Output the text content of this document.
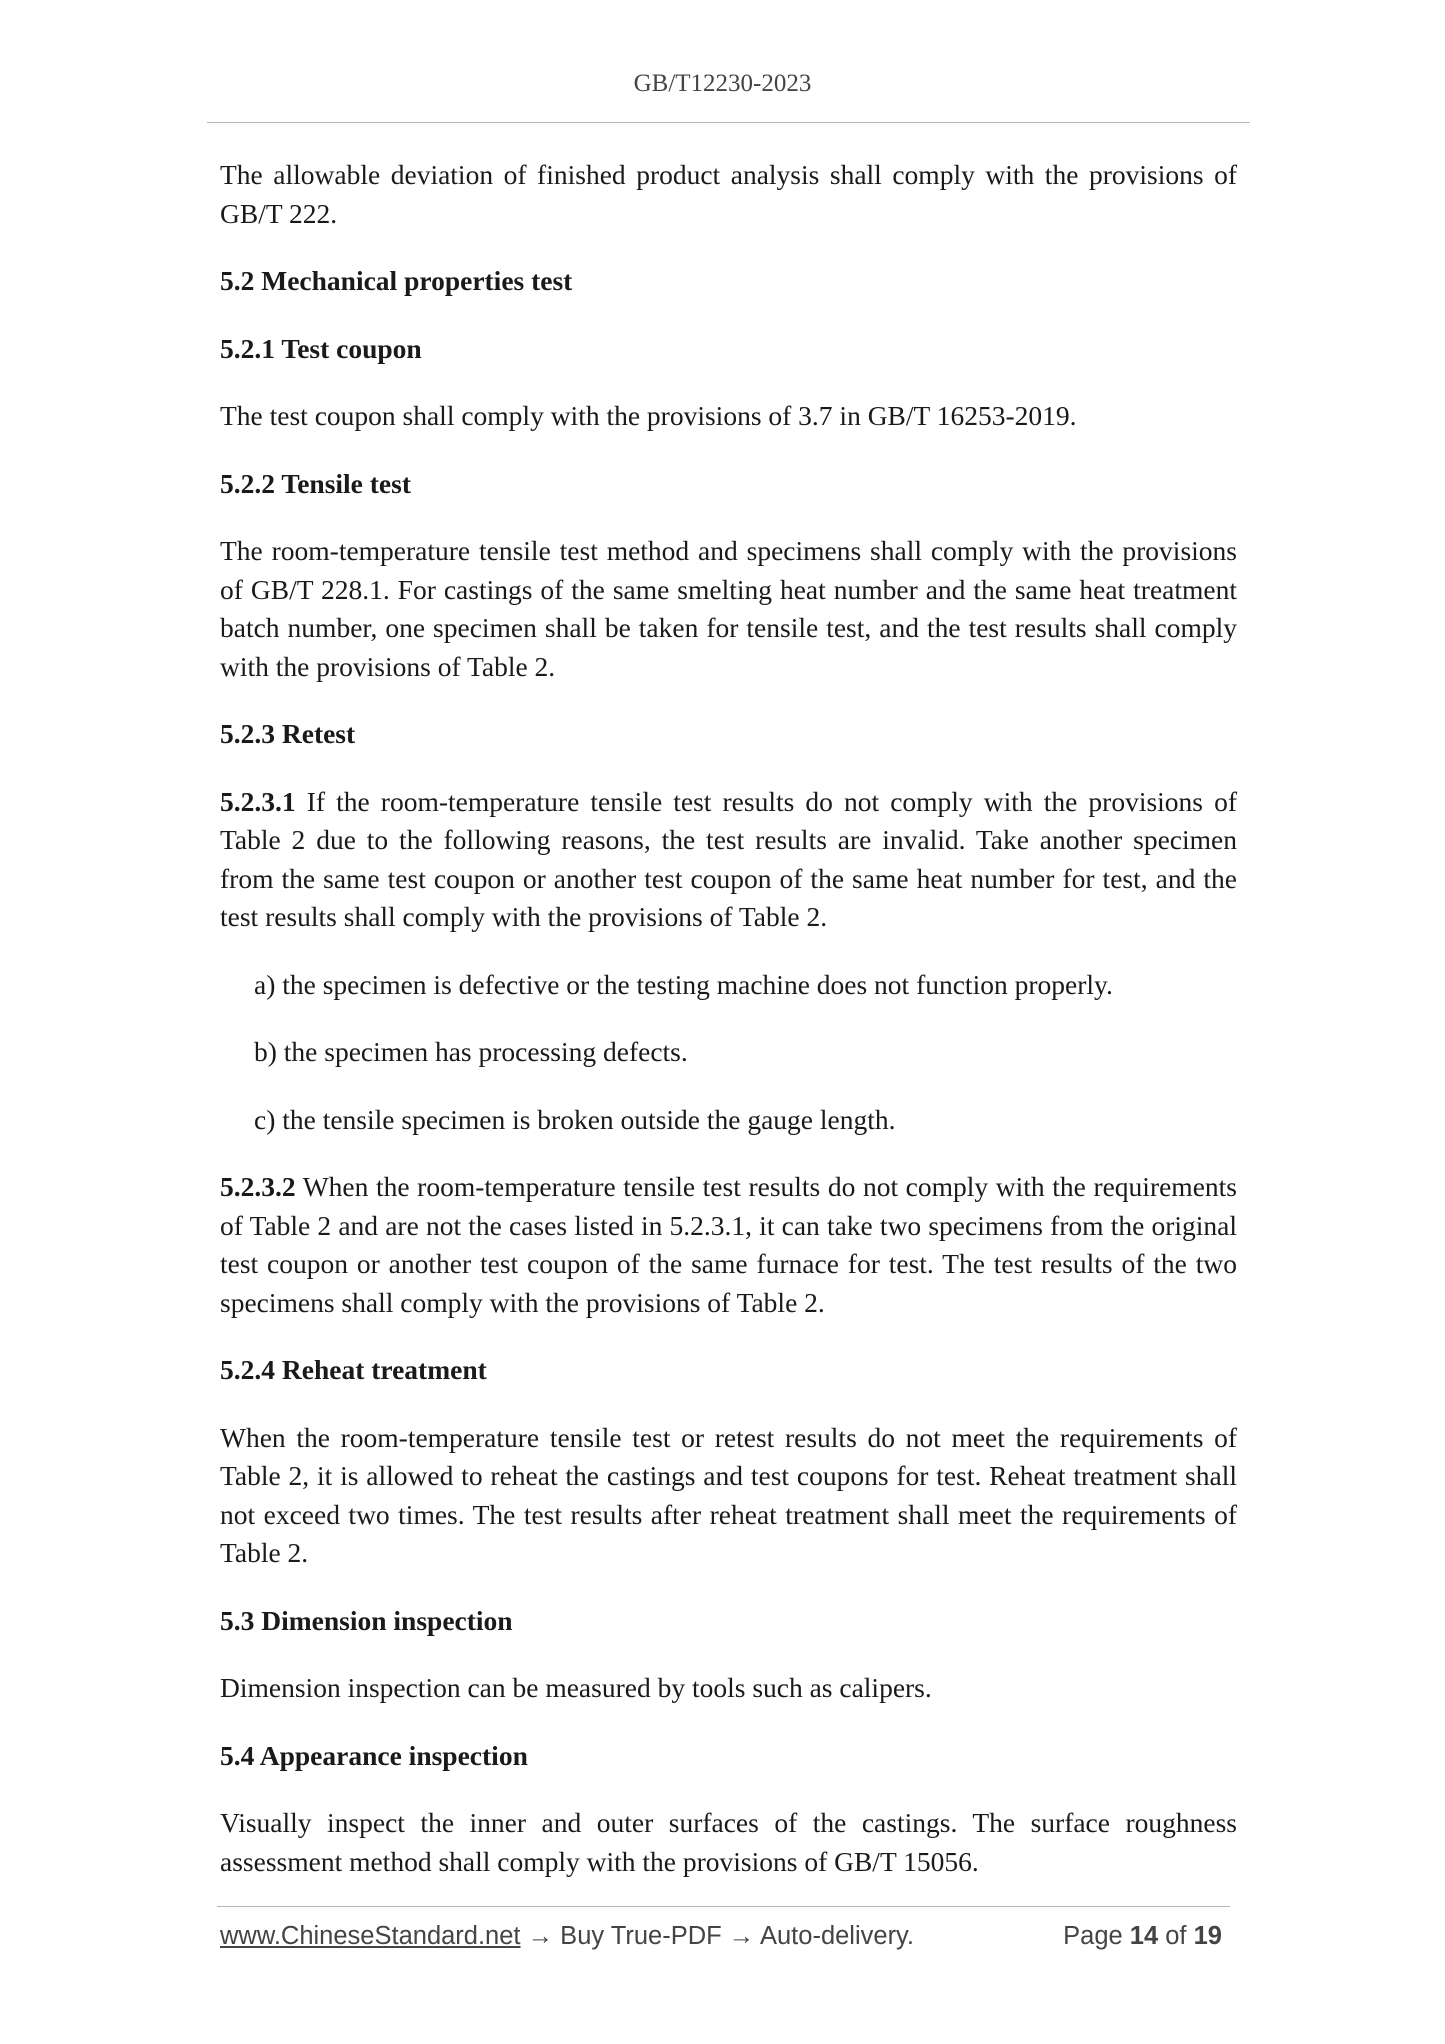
GB/T12230-2023

The allowable deviation of finished product analysis shall comply with the provisions of GB/T 222.

5.2 Mechanical properties test
5.2.1 Test coupon

The test coupon shall comply with the provisions of 3.7 in GB/T 16253-2019.

5.2.2 Tensile test

The room-temperature tensile test method and specimens shall comply with the provisions of GB/T 228.1. For castings of the same smelting heat number and the same heat treatment batch number, one specimen shall be taken for tensile test, and the test results shall comply with the provisions of Table 2.

5.2.3 Retest

5.2.3.1 If the room-temperature tensile test results do not comply with the provisions of Table 2 due to the following reasons, the test results are invalid. Take another specimen from the same test coupon or another test coupon of the same heat number for test, and the test results shall comply with the provisions of Table 2.

a) the specimen is defective or the testing machine does not function properly.

b) the specimen has processing defects.

c) the tensile specimen is broken outside the gauge length.

5.2.3.2 When the room-temperature tensile test results do not comply with the requirements of Table 2 and are not the cases listed in 5.2.3.1, it can take two specimens from the original test coupon or another test coupon of the same furnace for test. The test results of the two specimens shall comply with the provisions of Table 2.

5.2.4 Reheat treatment

When the room-temperature tensile test or retest results do not meet the requirements of Table 2, it is allowed to reheat the castings and test coupons for test. Reheat treatment shall not exceed two times. The test results after reheat treatment shall meet the requirements of Table 2.

5.3 Dimension inspection

Dimension inspection can be measured by tools such as calipers.

5.4 Appearance inspection

Visually inspect the inner and outer surfaces of the castings. The surface roughness assessment method shall comply with the provisions of GB/T 15056.

www.ChineseStandard.net → Buy True-PDF → Auto-delivery.	Page 14 of 19
